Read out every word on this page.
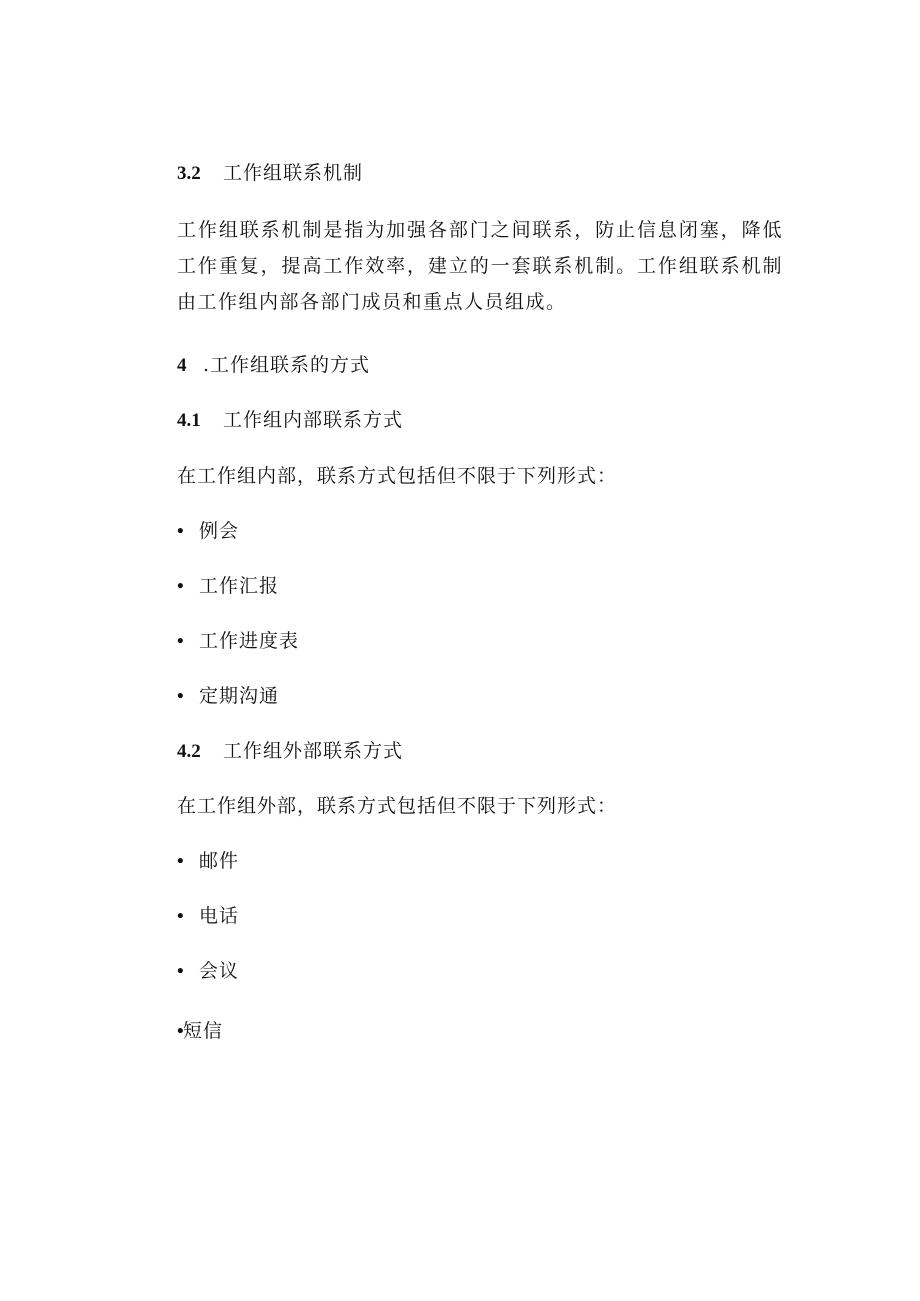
3.2 工作组联系机制
工作组联系机制是指为加强各部门之间联系，防止信息闭塞，降低工作重复，提高工作效率，建立的一套联系机制。工作组联系机制由工作组内部各部门成员和重点人员组成。
4 .工作组联系的方式
4.1 工作组内部联系方式
在工作组内部，联系方式包括但不限于下列形式：
• 例会
• 工作汇报
• 工作进度表
• 定期沟通
4.2 工作组外部联系方式
在工作组外部，联系方式包括但不限于下列形式：
• 邮件
• 电话
• 会议
•短信
